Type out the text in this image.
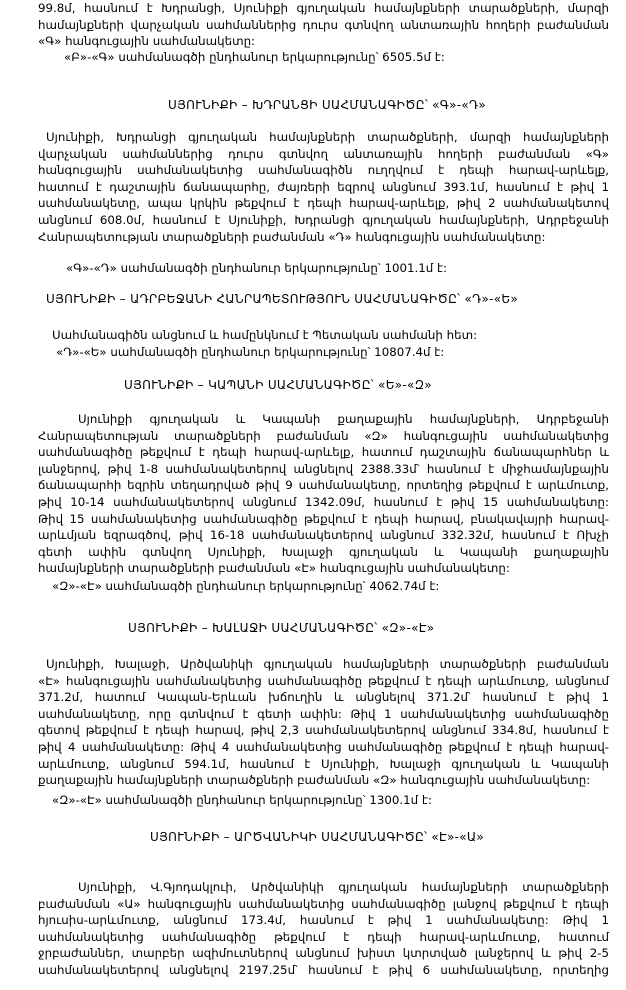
99.8մ, հասնում է Խդրանցի, Սյունիքի գյուղական համայնքների տարածքների, մարզի
համայնքների վարչական սահմաններից դուրս գտնվող անտառային հողերի բաժանման
«Գ» հանգուցային սահմանակետը:
Սյունիքի, Խդրանցի գյուղական համայնքների տարածքների, մարզի համայնքների
վարչական սահմաններից դուրս գտնվող անտառային հողերի բաժանման «Գ»
հանգուցային սահմանակետից սահմանագիծն ուղղվում է դեպի հարավ-արևելք,
հատում է դաշտային ճանապարհը, ժայռերի եզրով անցնում 393.1մ, հասնում է թիվ 1
սահմանակետը, ապա կրկին թեքվում է դեպի հարավ-արևելք, թիվ 2 սահմանակետով
անցնում 608.0մ, հասնում է Սյունիքի, Խդրանցի գյուղական համայնքների, Ադրբեջանի
Հանրապետության տարածքների բաժանման «Դ» հանգուցային սահմանակետը:
Սյունիքի գյուղական և Կապանի քաղաքային համայնքների, Ադրբեջանի
Հանրապետության տարածքների բաժանման «Զ» հանգուցային սահմանակետից
սահմանագիծը թեքվում է դեպի հարավ-արևելք, հատում դաշտային ճանապարհներ և
լանջերով, թիվ 1-8 սահմանակետերով անցնելով 2388.33մ՝ հասնում է միջհամայնքային
ճանապարհի եզրին տեղադրված թիվ 9 սահմանակետը, որտեղից թեքվում է արևմուտք,
թիվ 10-14 սահմանակետերով անցնում 1342.09մ, հասնում է թիվ 15 սահմանակետը:
Թիվ 15 սահմանակետից սահմանագիծը թեքվում է դեպի հարավ, բնակավայրի հարավ-
արևմյան եզրագծով, թիվ 16-18 սահմանակետերով անցնում 332.32մ, հասնում է Ոխչի
գետի ափին գտնվող Սյունիքի, Խալաջի գյուղական և Կապանի քաղաքային
համայնքների տարածքների բաժանման «Է» հանգուցային սահմանակետը:
Սյունիքի, Խալաջի, Արծվանիկի գյուղական համայնքների տարածքների բաժանման
«Է» հանգուցային սահմանակետից սահմանագիծը թեքվում է դեպի արևմուտք, անցնում
371.2մ, հատում Կապան-Երևան խճուղին և անցնելով 371.2մ՝ հասնում է թիվ 1
սահմանակետը, որը գտնվում է գետի ափին: Թիվ 1 սահմանակետից սահմանագիծը
գետով թեքվում է դեպի հարավ, թիվ 2,3 սահմանակետերով անցնում 334.8մ, հասնում է
թիվ 4 սահմանակետը: Թիվ 4 սահմանակետից սահմանագիծը թեքվում է դեպի հարավ-
արևմուտք, անցնում 594.1մ, հասնում է Սյունիքի, Խալաջի գյուղական և Կապանի
քաղաքային համայնքների տարածքների բաժանման «Զ» հանգուցային սահմանակետը:
Սյունիքի, Վ.Գյոդակլուի, Արծվանիկի գյուղական համայնքների տարածքների
բաժանման «Ա» հանգուցային սահմանակետից սահմանագիծը լանջով թեքվում է դեպի
հյուսիս-արևմուտք, անցնում 173.4մ, հասնում է թիվ 1 սահմանակետը: Թիվ 1
սահմանակետից սահմանագիծը թեքվում է դեպի հարավ-արևմուտք, հատում
ջրբաժաններ, տարբեր ազիմուտներով անցնում խիստ կտրտված լանջերով և թիվ 2-5
սահմանակետերով անցնելով 2197.25մ՝ հասնում է թիվ 6 սահմանակետը, որտեղից
ՍՅՈՒՆԻՔԻ – ԽԴՐԱՆՑԻ ՍԱՀՄԱՆԱԳԻԾԸ՝ «Գ»-«Դ»
ՍՅՈՒՆԻՔԻ – ԱԴՐԲԵՋԱՆԻ ՀԱՆՐԱՊԵՏՈՒԹՅՈՒՆ ՍԱՀՄԱՆԱԳԻԾԸ՝ «Դ»-«Ե»
ՍՅՈՒՆԻՔԻ – ԿԱՊԱՆԻ ՍԱՀՄԱՆԱԳԻԾԸ՝ «Ե»-«Զ»
ՍՅՈՒՆԻՔԻ – ԽԱԼԱՋԻ ՍԱՀՄԱՆԱԳԻԾԸ՝ «Զ»-«Է»
ՍՅՈՒՆԻՔԻ – ԱՐԾՎԱՆԻԿԻ ՍԱՀՄԱՆԱԳԻԾԸ՝ «Է»-«Ա»
«Բ»-«Գ» սահմանագծի ընդհանուր երկարությունը՝ 6505.5մ է:
«Գ»-«Դ» սահմանագծի ընդհանուր երկարությունը՝ 1001.1մ է:
Սահմանագիծն անցնում և համընկնում է Պետական սահմանի հետ:
«Դ»-«Ե» սահմանագծի ընդհանուր երկարությունը՝ 10807.4մ է:
«Զ»-«Է» սահմանագծի ընդհանուր երկարությունը՝ 4062.74մ է:
«Զ»-«Է» սահմանագծի ընդհանուր երկարությունը՝ 1300.1մ է:
